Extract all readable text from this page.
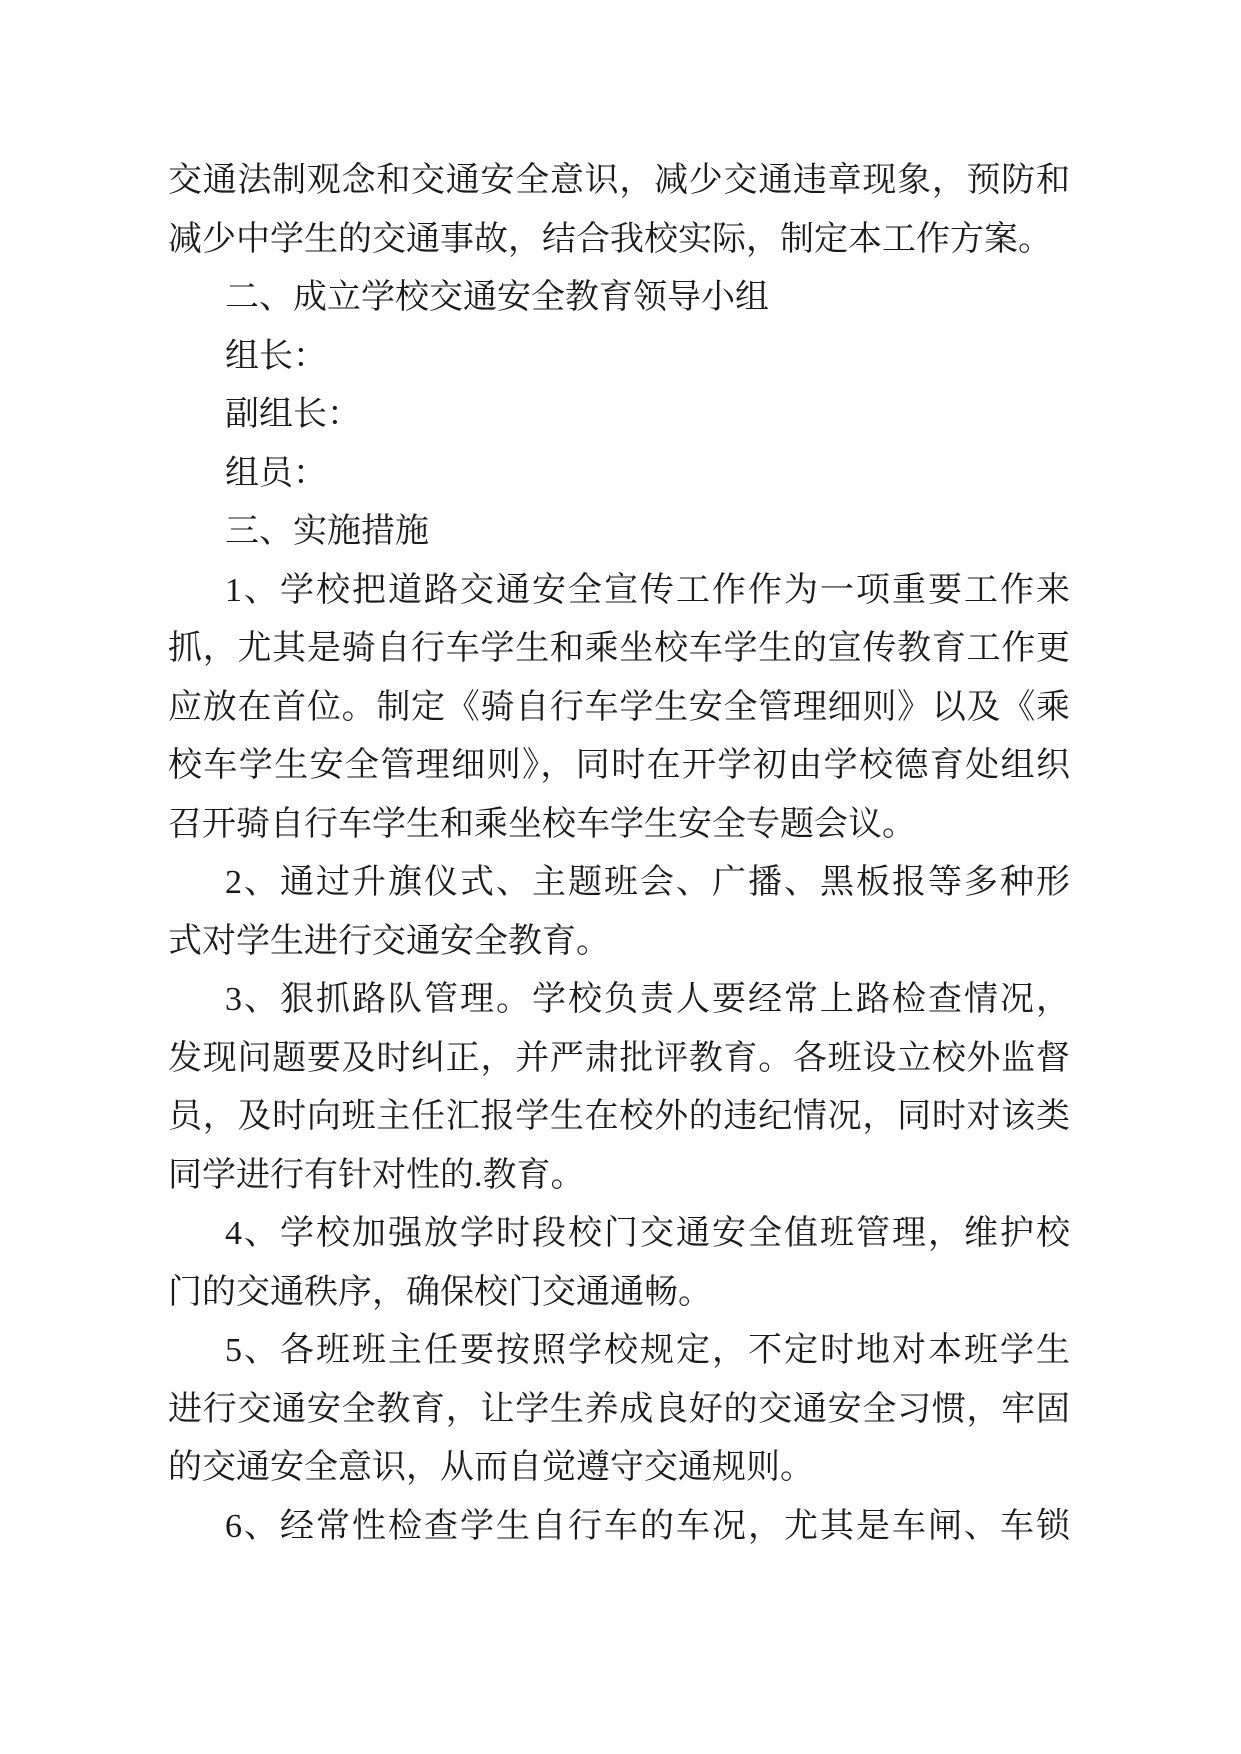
交通法制观念和交通安全意识，减少交通违章现象，预防和
减少中学生的交通事故，结合我校实际，制定本工作方案。
二、成立学校交通安全教育领导小组
组长：
副组长：
组员：
三、实施措施
1、学校把道路交通安全宣传工作作为一项重要工作来
抓，尤其是骑自行车学生和乘坐校车学生的宣传教育工作更
应放在首位。制定《骑自行车学生安全管理细则》以及《乘
校车学生安全管理细则》，同时在开学初由学校德育处组织
召开骑自行车学生和乘坐校车学生安全专题会议。
2、通过升旗仪式、主题班会、广播、黑板报等多种形
式对学生进行交通安全教育。
3、狠抓路队管理。学校负责人要经常上路检查情况，
发现问题要及时纠正，并严肃批评教育。各班设立校外监督
员，及时向班主任汇报学生在校外的违纪情况，同时对该类
同学进行有针对性的.教育。
4、学校加强放学时段校门交通安全值班管理，维护校
门的交通秩序，确保校门交通通畅。
5、各班班主任要按照学校规定，不定时地对本班学生
进行交通安全教育，让学生养成良好的交通安全习惯，牢固
的交通安全意识，从而自觉遵守交通规则。
6、经常性检查学生自行车的车况，尤其是车闸、车锁
